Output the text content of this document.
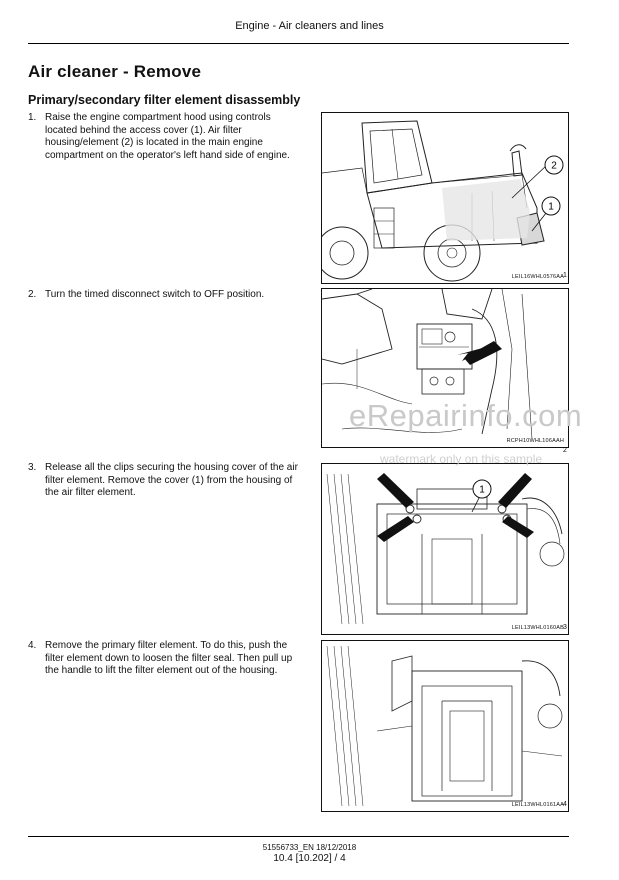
Engine - Air cleaners and lines
Air cleaner - Remove
Primary/secondary filter element disassembly
1. Raise the engine compartment hood using controls located behind the access cover (1). Air filter housing/element (2) is located in the main engine compartment on the operator's left hand side of engine.
2. Turn the timed disconnect switch to OFF position.
3. Release all the clips securing the housing cover of the air filter element. Remove the cover (1) from the housing of the air filter element.
4. Remove the primary filter element. To do this, push the filter element down to loosen the filter seal. Then pull up the handle to lift the filter element out of the housing.
2
1
LEIL16WHL0576AA 1
RCPH10WHL106AAH
2
1
LEIL13WHL0160AB 3
LEIL13WHL0161AA 4
eRepairinfo.com
watermark only on this sample
51556733_EN 18/12/2018
10.4 [10.202] / 4
